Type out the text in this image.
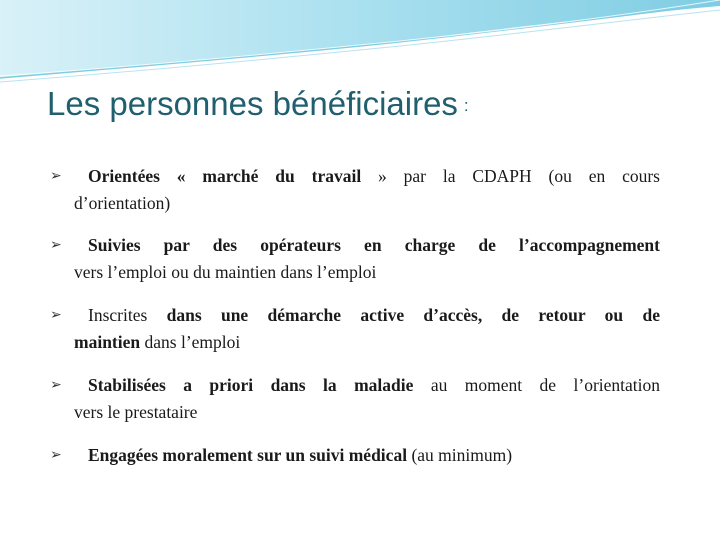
Les personnes bénéficiaires :
➢	Orientées « marché du travail » par la CDAPH (ou en cours
d’orientation)
➢	Suivies par des opérateurs en charge de l’accompagnement
vers l’emploi ou du maintien dans l’emploi
➢	Inscrites dans une démarche active d’accès, de retour ou de
maintien dans l’emploi
➢	Stabilisées a priori dans la maladie au moment de l’orientation
vers le prestataire
➢	Engagées moralement sur un suivi médical (au minimum)
